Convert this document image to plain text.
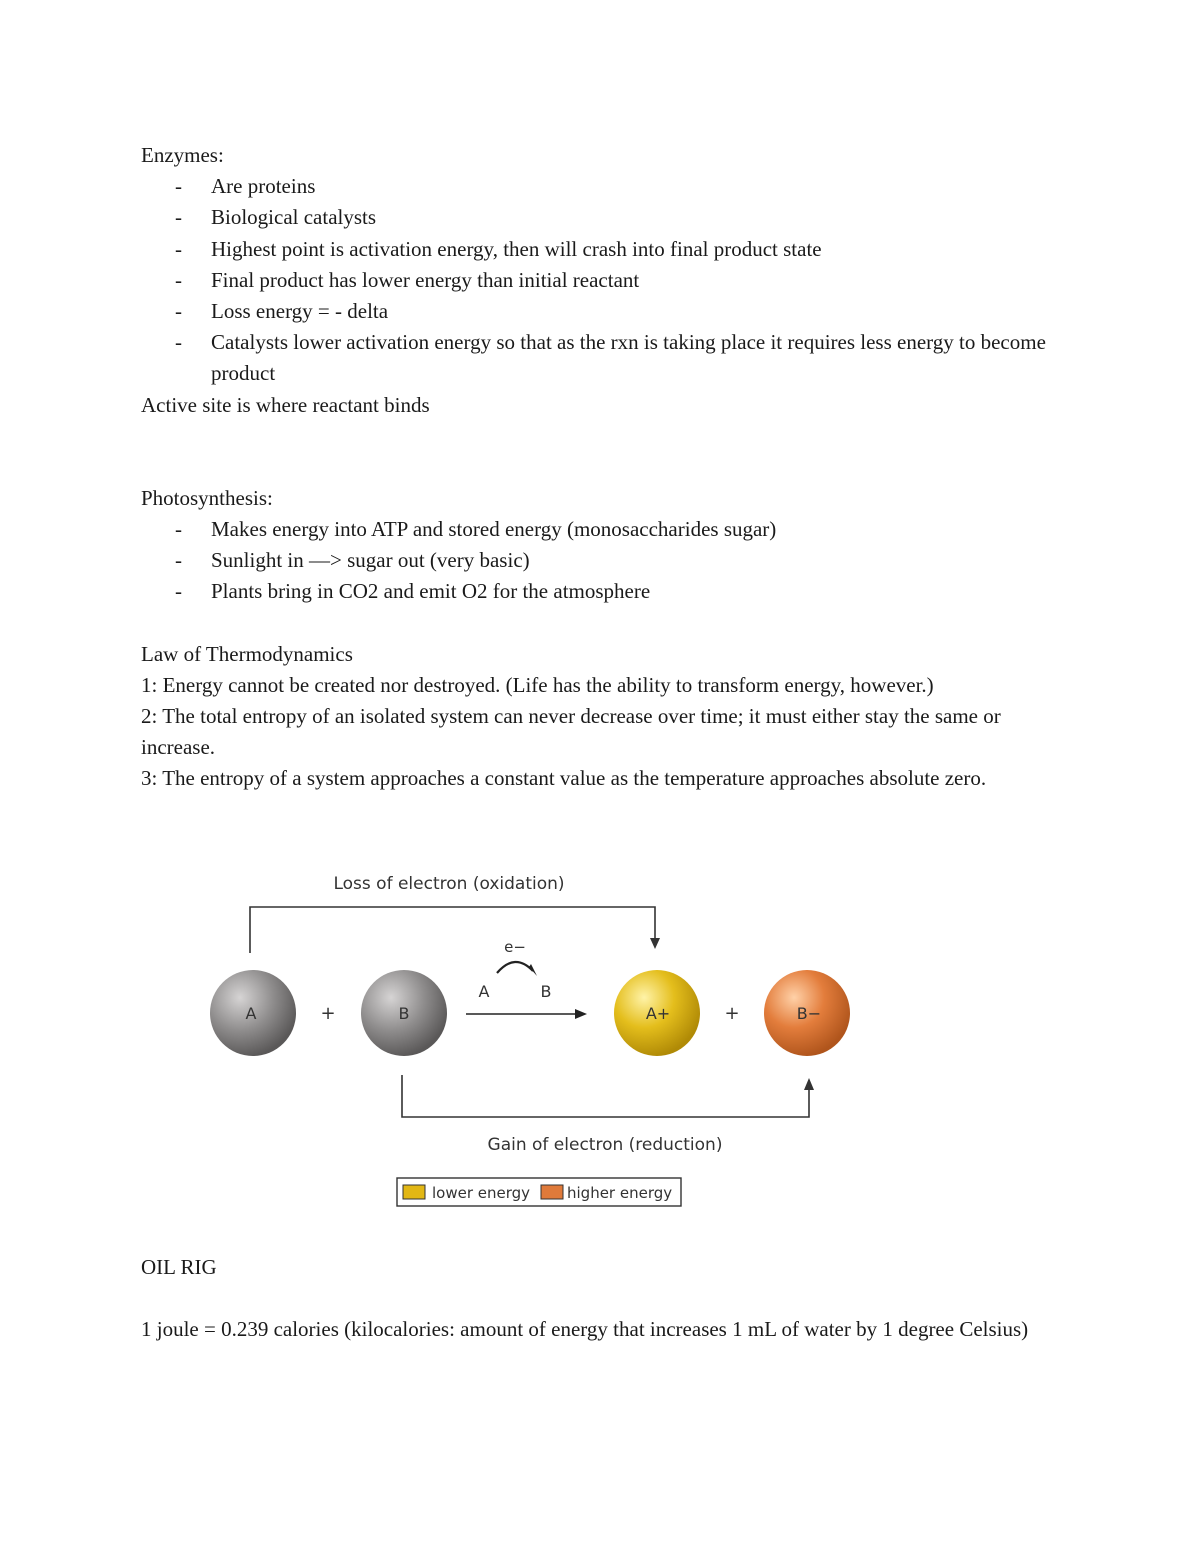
Enzymes:
- Are proteins
- Biological catalysts
- Highest point is activation energy, then will crash into final product state
- Final product has lower energy than initial reactant
- Loss energy = - delta
- Catalysts lower activation energy so that as the rxn is taking place it requires less energy to become product
Active site is where reactant binds
Photosynthesis:
- Makes energy into ATP and stored energy (monosaccharides sugar)
- Sunlight in —> sugar out (very basic)
- Plants bring in CO2 and emit O2 for the atmosphere
Law of Thermodynamics
1: Energy cannot be created nor destroyed. (Life has the ability to transform energy, however.)
2: The total entropy of an isolated system can never decrease over time; it must either stay the same or increase.
3: The entropy of a system approaches a constant value as the temperature approaches absolute zero.
Loss of electron (oxidation)
e−
A	B
A	+	B	A+	+	B−
Gain of electron (reduction)
lower energy higher energy
OIL RIG
1 joule = 0.239 calories (kilocalories: amount of energy that increases 1 mL of water by 1 degree Celsius)
